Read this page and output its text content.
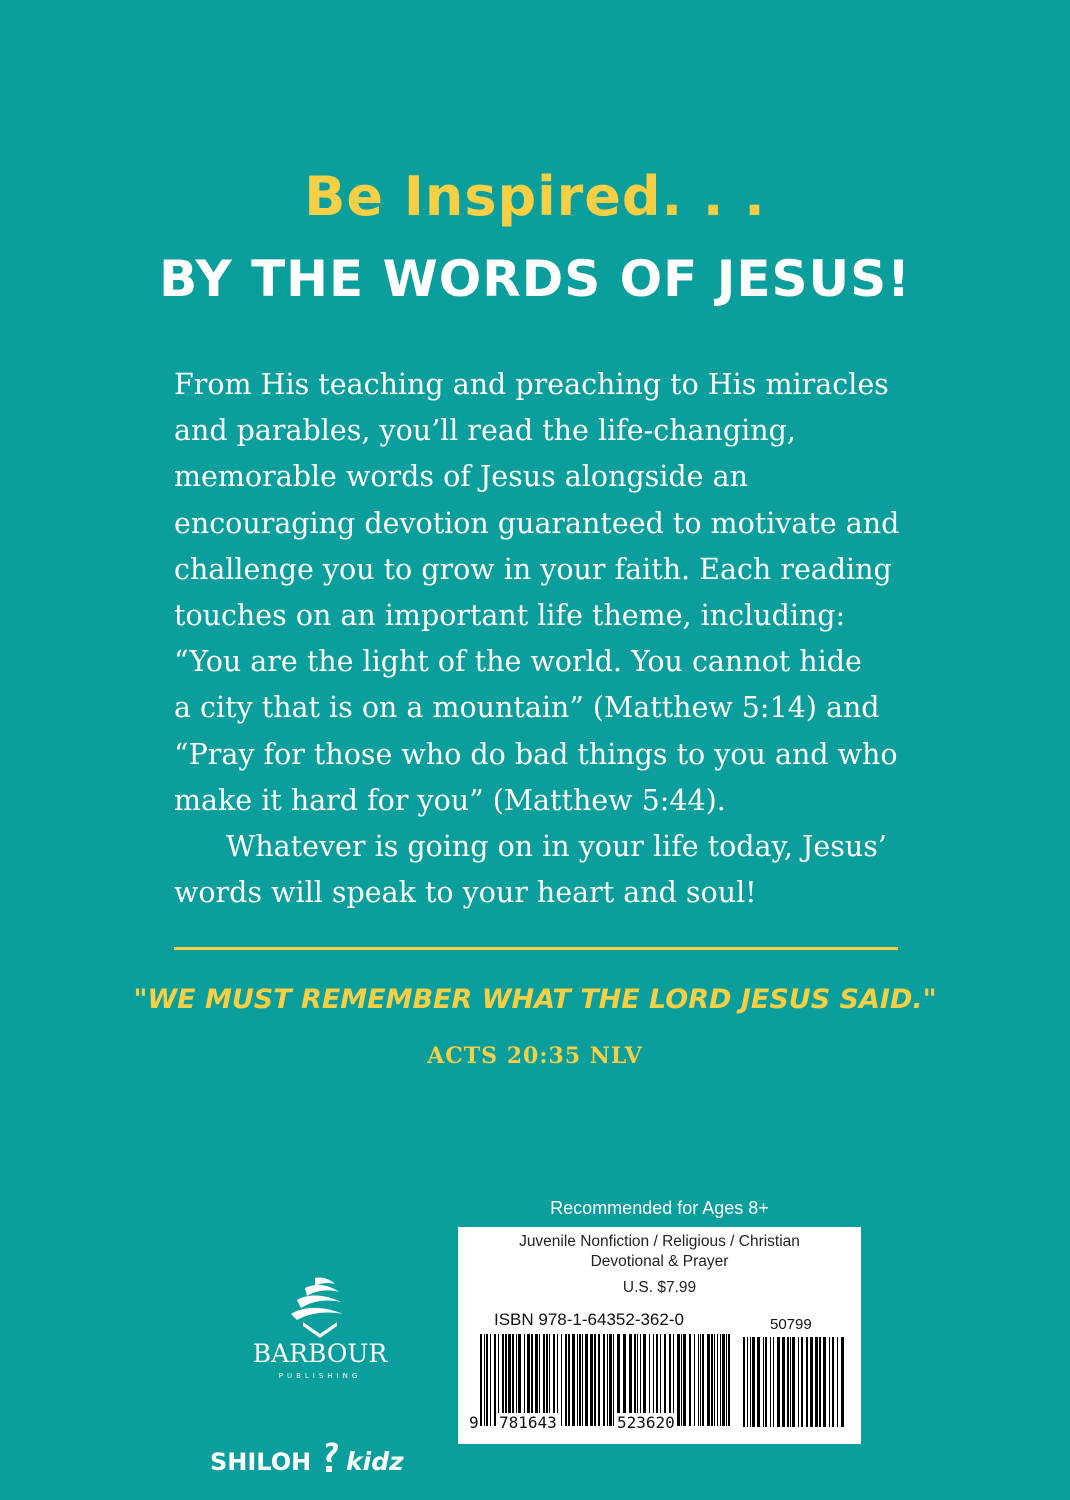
Be Inspired. . .
BY THE WORDS OF JESUS!

From His teaching and preaching to His miracles
and parables, you’ll read the life-changing,
memorable words of Jesus alongside an
encouraging devotion guaranteed to motivate and
challenge you to grow in your faith. Each reading
touches on an important life theme, including:
“You are the light of the world. You cannot hide
a city that is on a mountain” (Matthew 5:14) and
“Pray for those who do bad things to you and who
make it hard for you” (Matthew 5:44).

Whatever is going on in your life today, Jesus’
words will speak to your heart and soul!

"WE MUST REMEMBER WHAT THE LORD JESUS SAID."

ACTS 20:35 NLV

BARBOUR
PUBLISHING
SHILOH kidz
Recommended for Ages 8+
Juvenile Nonfiction / Religious / Christian
Devotional & Prayer
U.S. $7.99
ISBN 978-1-64352-362-0	50799
9 781643	523620
